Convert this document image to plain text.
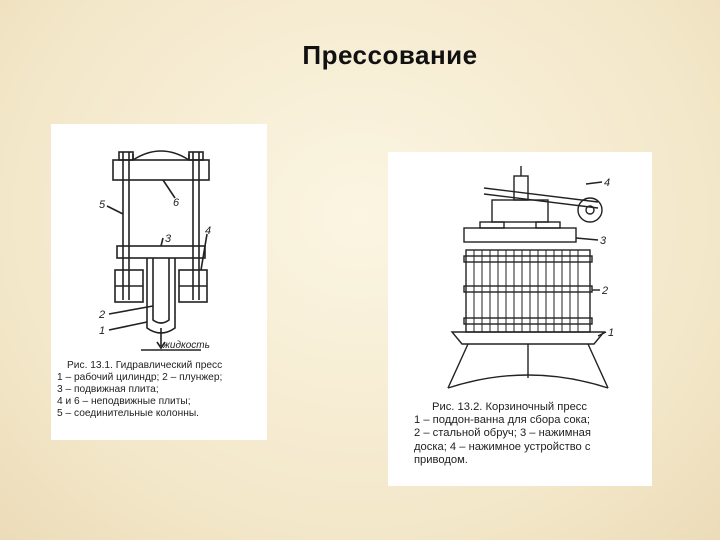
Прессование
5	6
3
4
2
1
жидкость
Рис. 13.1. Гидравлический пресс
1 – рабочий цилиндр; 2 – плунжер;
3 – подвижная плита;
4 и 6 – неподвижные плиты;
5 – соединительные колонны.
4
3
2
1
Рис. 13.2. Корзиночный пресс
1 – поддон-ванна для сбора сока;
2 – стальной обруч; 3 – нажимная
доска; 4 – нажимное устройство с
приводом.
